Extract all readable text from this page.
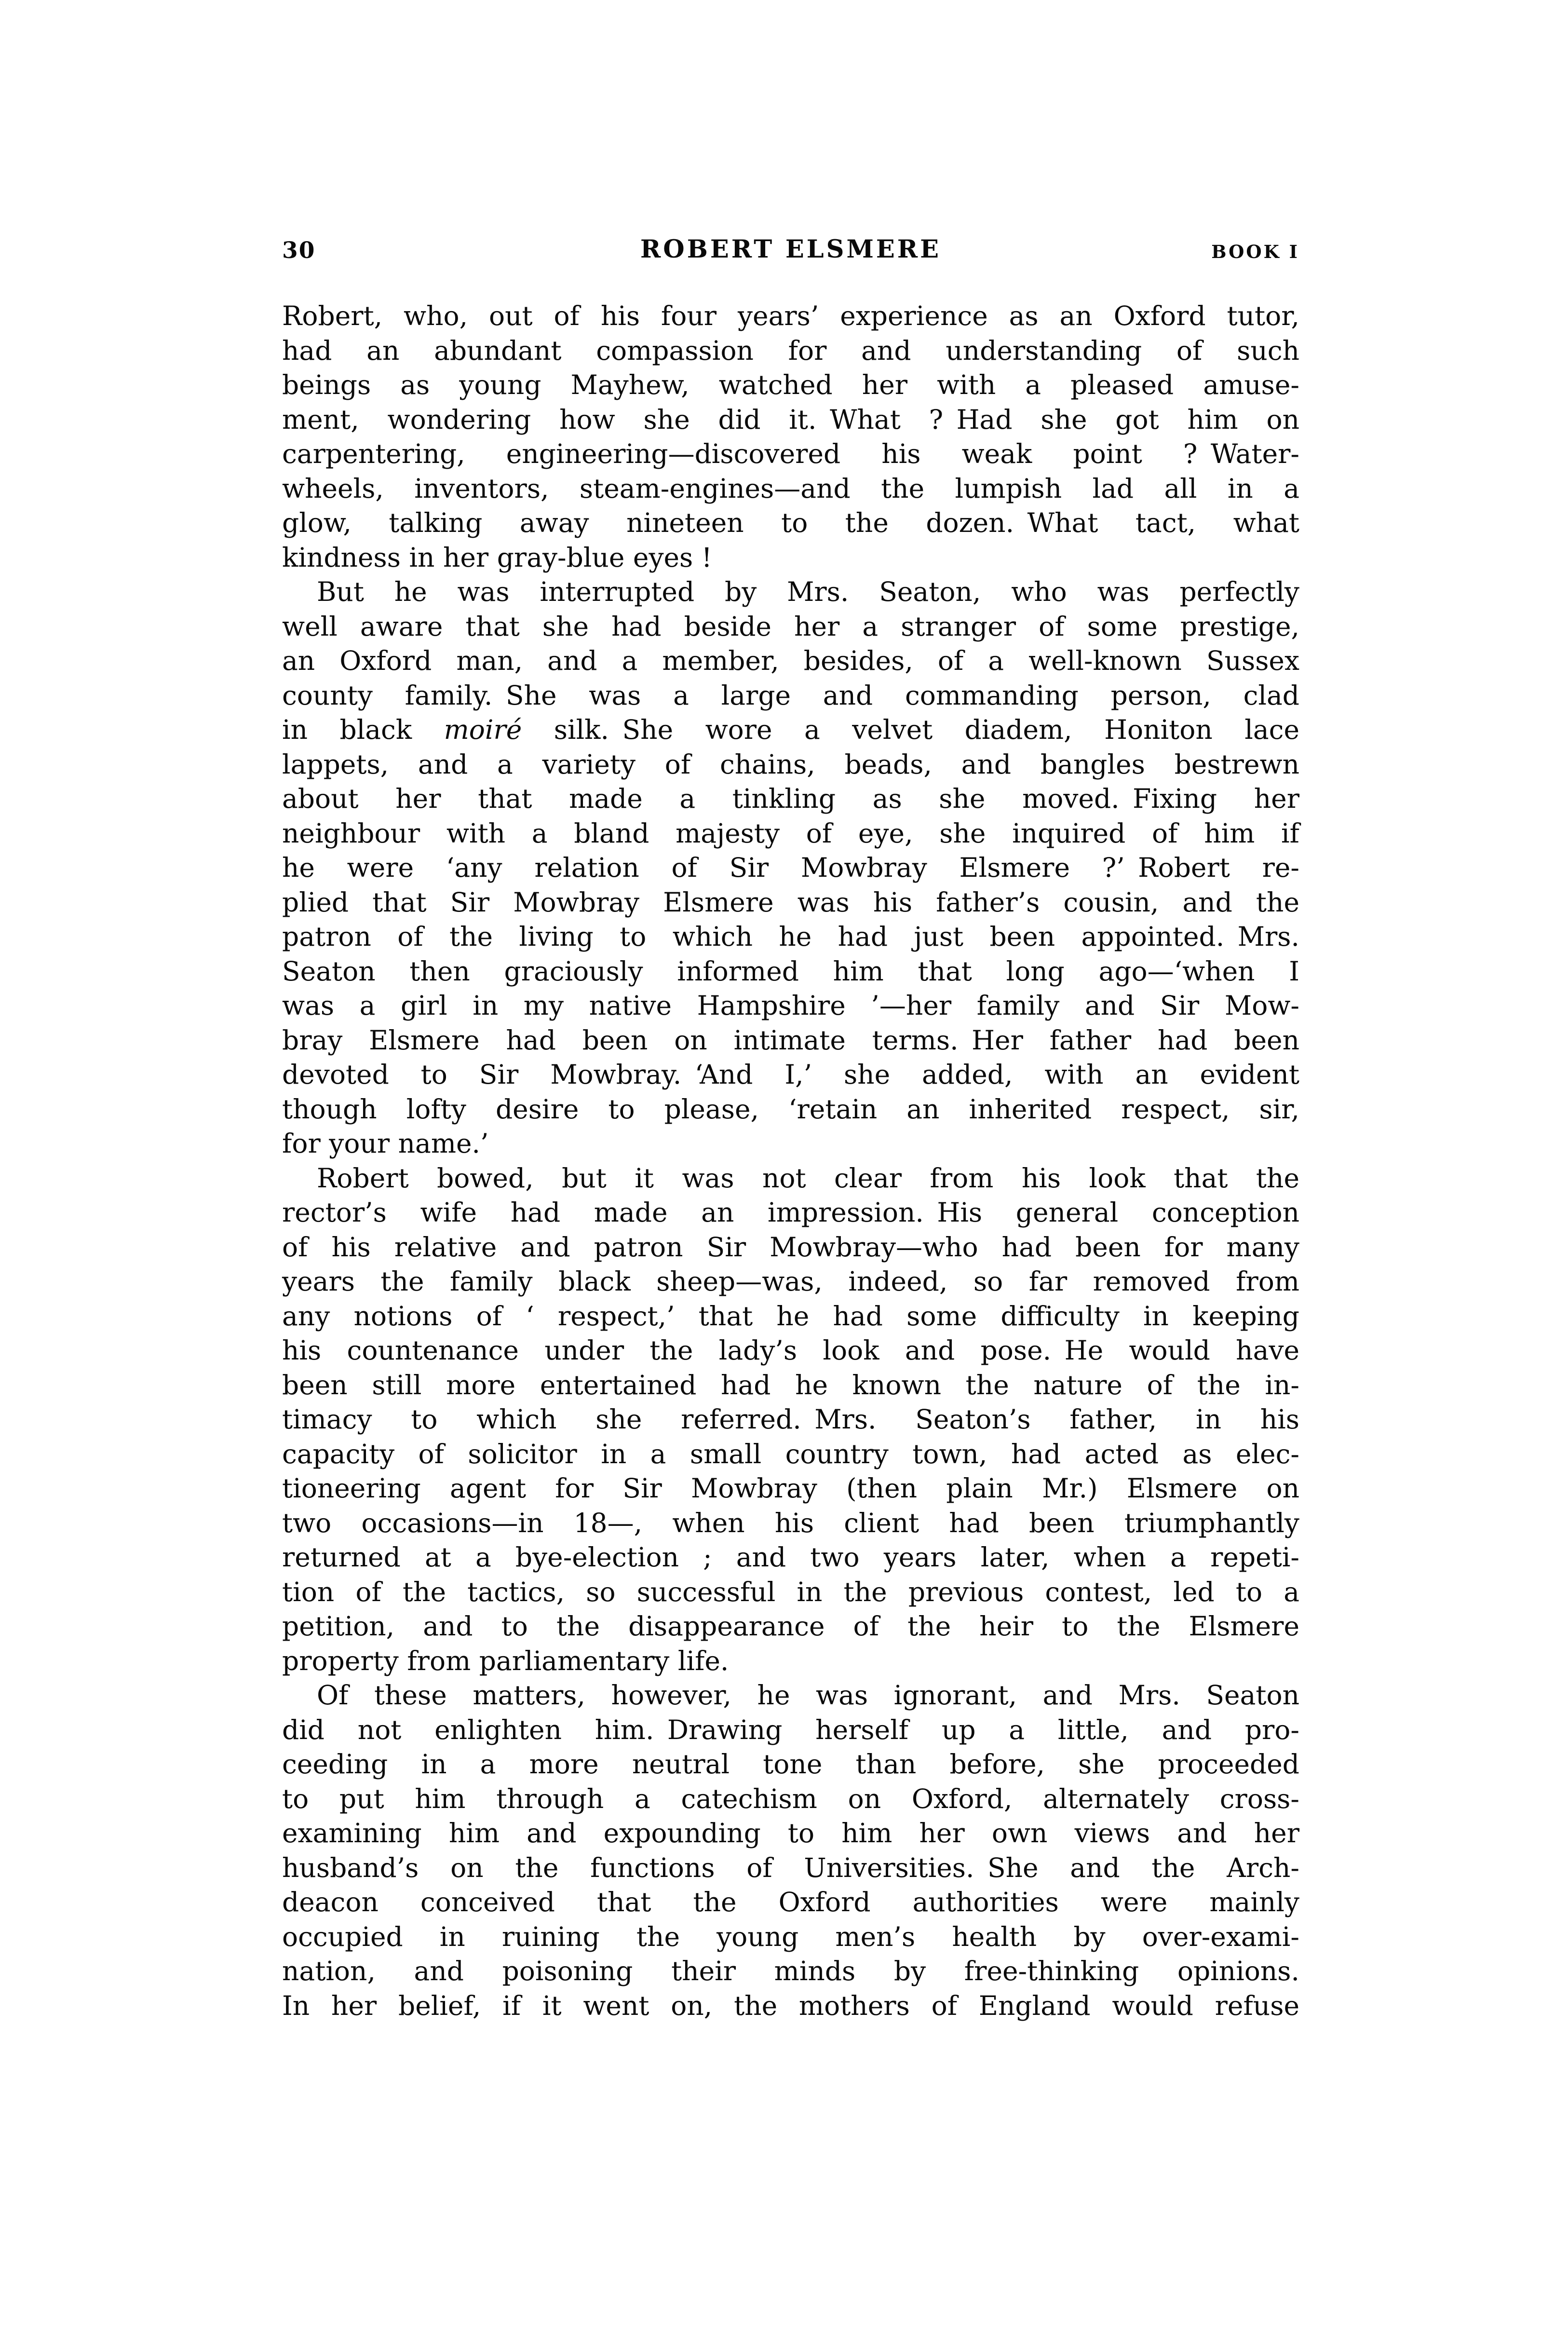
30	ROBERT ELSMERE	BOOK I
Robert, who, out of his four years’ experience as an Oxford tutor,
had an abundant compassion for and understanding of such
beings as young Mayhew, watched her with a pleased amuse-
ment, wondering how she did it. What ? Had she got him on
carpentering, engineering—discovered his weak point ? Water-
wheels, inventors, steam-engines—and the lumpish lad all in a
glow, talking away nineteen to the dozen. What tact, what
kindness in her gray-blue eyes !
But he was interrupted by Mrs. Seaton, who was perfectly
well aware that she had beside her a stranger of some prestige,
an Oxford man, and a member, besides, of a well-known Sussex
county family. She was a large and commanding person, clad
in black moiré silk. She wore a velvet diadem, Honiton lace
lappets, and a variety of chains, beads, and bangles bestrewn
about her that made a tinkling as she moved. Fixing her
neighbour with a bland majesty of eye, she inquired of him if
he were ‘any relation of Sir Mowbray Elsmere ?’ Robert re-
plied that Sir Mowbray Elsmere was his father’s cousin, and the
patron of the living to which he had just been appointed. Mrs.
Seaton then graciously informed him that long ago—‘when I
was a girl in my native Hampshire ’—her family and Sir Mow-
bray Elsmere had been on intimate terms. Her father had been
devoted to Sir Mowbray. ‘And I,’ she added, with an evident
though lofty desire to please, ‘retain an inherited respect, sir,
for your name.’
Robert bowed, but it was not clear from his look that the
rector’s wife had made an impression. His general conception
of his relative and patron Sir Mowbray—who had been for many
years the family black sheep—was, indeed, so far removed from
any notions of ‘ respect,’ that he had some difficulty in keeping
his countenance under the lady’s look and pose. He would have
been still more entertained had he known the nature of the in-
timacy to which she referred. Mrs. Seaton’s father, in his
capacity of solicitor in a small country town, had acted as elec-
tioneering agent for Sir Mowbray (then plain Mr.) Elsmere on
two occasions—in 18—, when his client had been triumphantly
returned at a bye-election ; and two years later, when a repeti-
tion of the tactics, so successful in the previous contest, led to a
petition, and to the disappearance of the heir to the Elsmere
property from parliamentary life.
Of these matters, however, he was ignorant, and Mrs. Seaton
did not enlighten him. Drawing herself up a little, and pro-
ceeding in a more neutral tone than before, she proceeded
to put him through a catechism on Oxford, alternately cross-
examining him and expounding to him her own views and her
husband’s on the functions of Universities. She and the Arch-
deacon conceived that the Oxford authorities were mainly
occupied in ruining the young men’s health by over-exami-
nation, and poisoning their minds by free-thinking opinions.
In her belief, if it went on, the mothers of England would refuse
